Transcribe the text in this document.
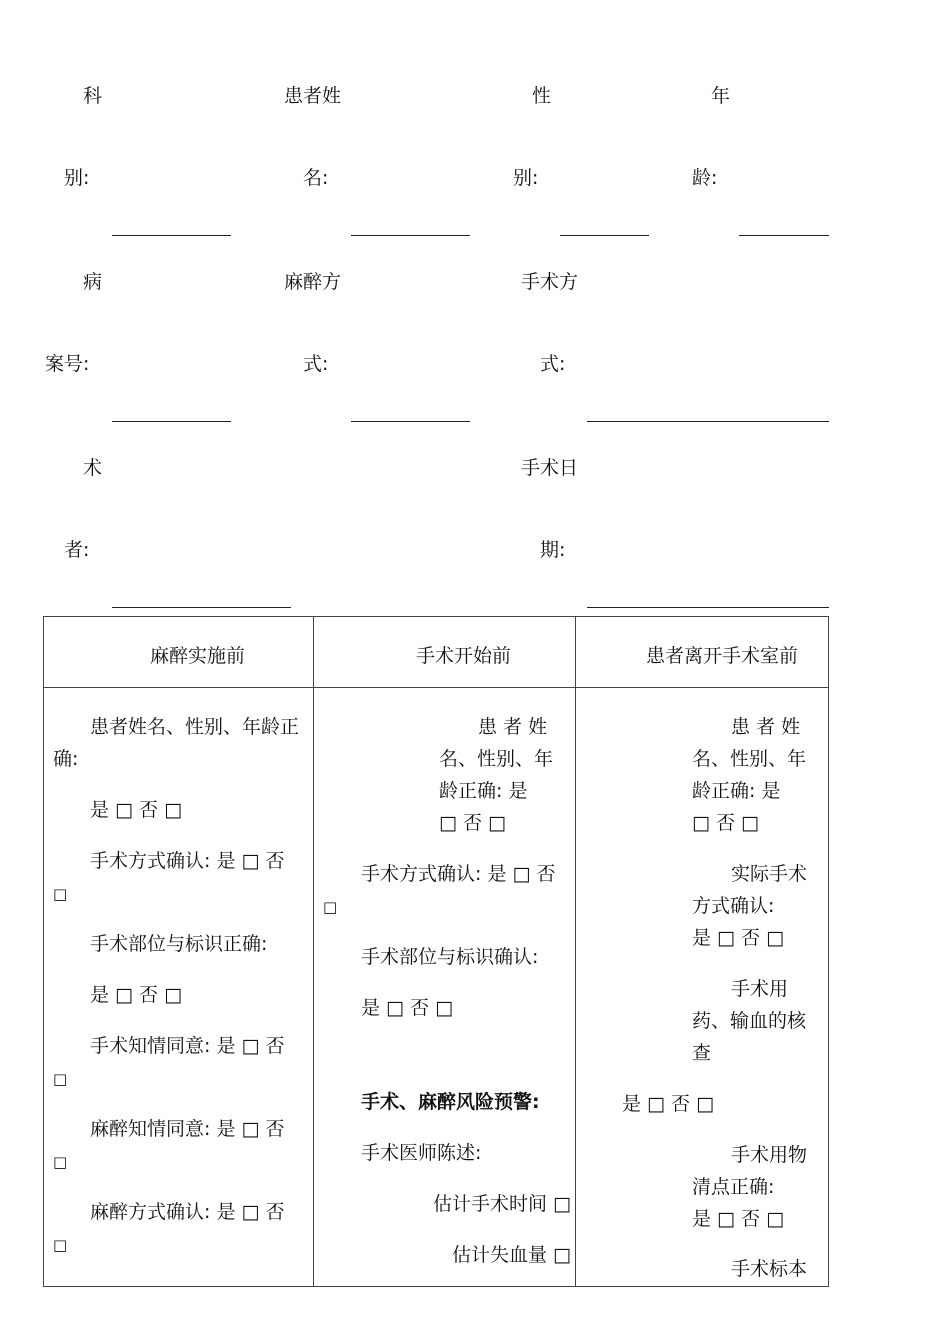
科
别:
患者姓
名:
性
别:
年
龄:
病
案号:
麻醉方
式:
手术方
式:
术
者:
手术日
期:
麻醉实施前	手术开始前	患者离开手术室前
患者姓名、性别、年龄正
确:
是 □ 否 □
手术方式确认: 是 □ 否
□
手术部位与标识正确:
是 □ 否 □
手术知情同意: 是 □ 否
□
麻醉知情同意: 是 □ 否
□
麻醉方式确认: 是 □ 否
□
患 者 姓
名、性别、年
龄正确: 是
□ 否 □
手术方式确认: 是 □ 否
□
手术部位与标识确认:
是 □ 否 □
手术、麻醉风险预警:
手术医师陈述:
估计手术时间 □
估计失血量 □
患 者 姓
名、性别、年
龄正确: 是
□ 否 □
实际手术
方式确认:
是 □ 否 □
手术用
药、输血的核
查
是 □ 否 □
手术用物
清点正确:
是 □ 否 □
手术标本
